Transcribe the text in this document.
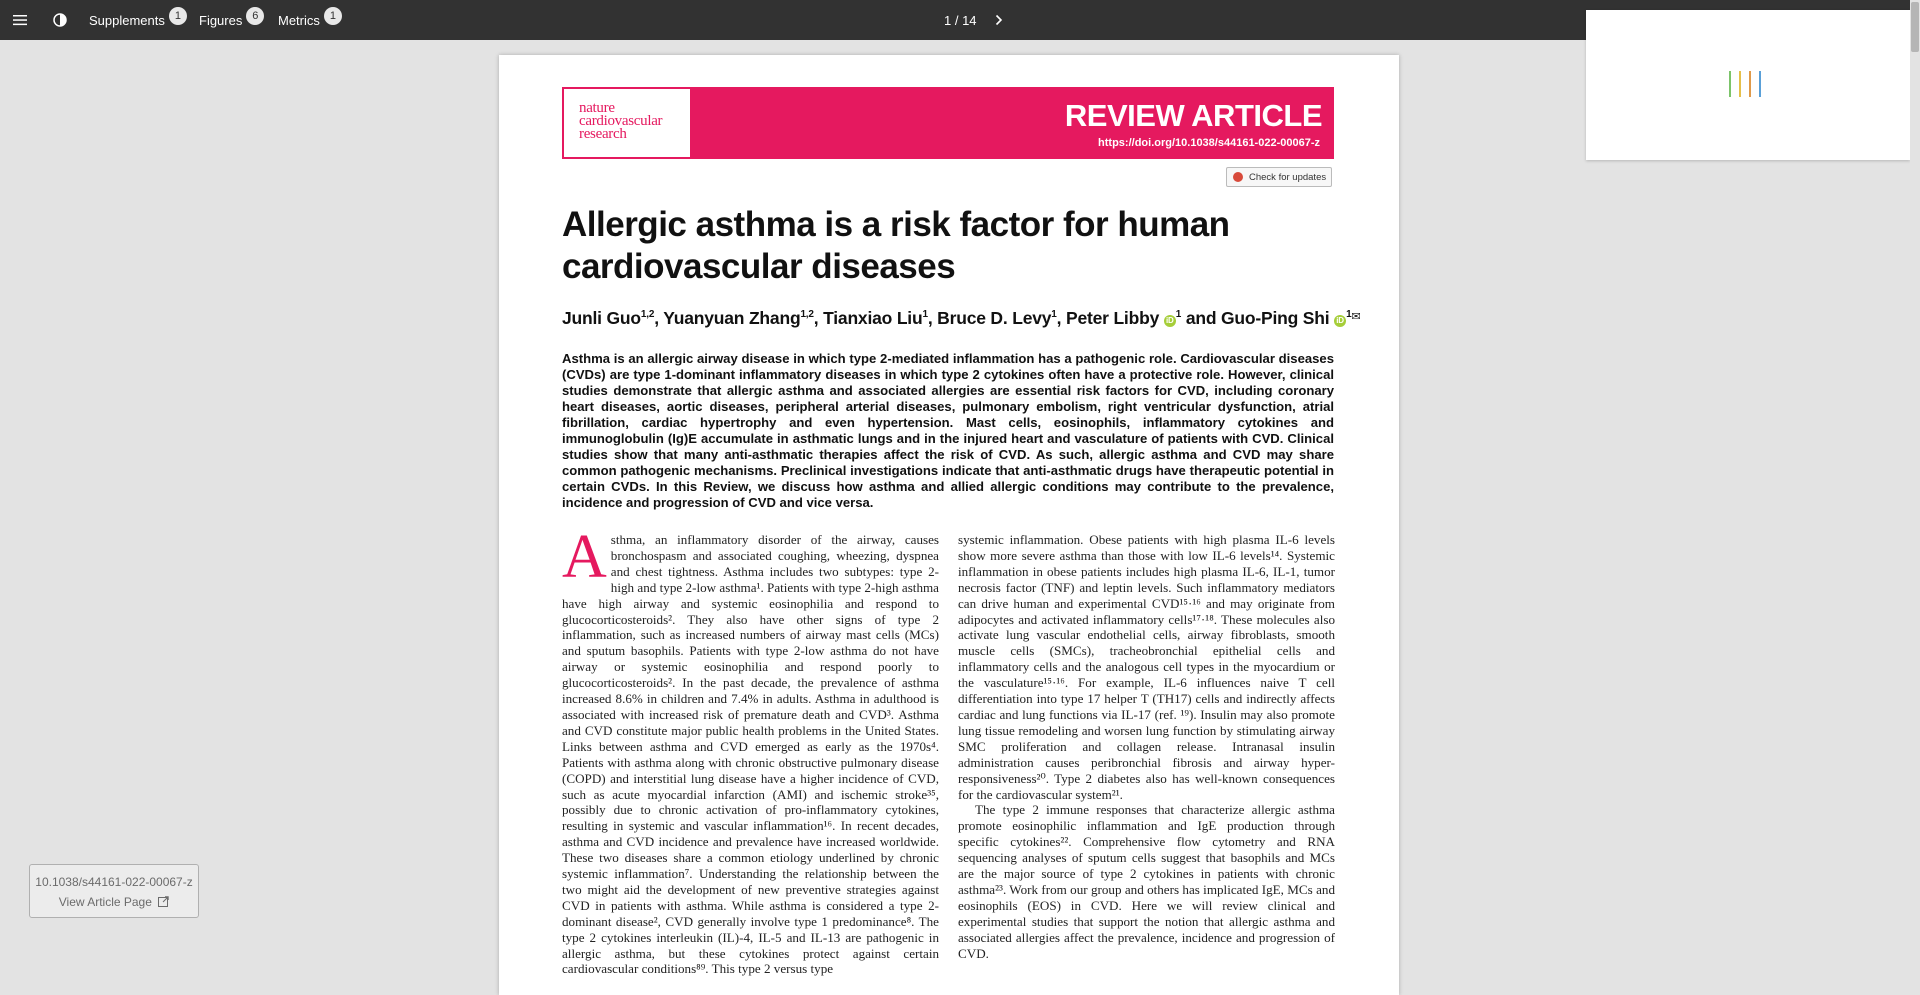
Supplements 1	Figures 6	Metrics 1	1 / 14
nature
cardiovascular
research
REVIEW ARTICLE
https://doi.org/10.1038/s44161-022-00067-z
Check for updates
Allergic asthma is a risk factor for human
cardiovascular diseases
Junli Guo$^{1,2}$, Yuanyuan Zhang$^{1,2}$, Tianxiao Liu$^1$, Bruce D. Levy$^1$, Peter Libby $iD^1$ and Guo-Ping Shi $iD^{1✉}$
Asthma is an allergic airway disease in which type 2-mediated inflammation has a pathogenic role. Cardiovascular diseases (CVDs) are type 1-dominant inflammatory diseases in which type 2 cytokines often have a protective role. However, clinical studies demonstrate that allergic asthma and associated allergies are essential risk factors for CVD, including coronary heart diseases, aortic diseases, peripheral arterial diseases, pulmonary embolism, right ventricular dysfunction, atrial fibrillation, cardiac hypertrophy and even hypertension. Mast cells, eosinophils, inflammatory cytokines and immunoglobulin (Ig)E accumulate in asthmatic lungs and in the injured heart and vasculature of patients with CVD. Clinical studies show that many anti-asthmatic therapies affect the risk of CVD. As such, allergic asthma and CVD may share common pathogenic mechanisms. Preclinical investigations indicate that anti-asthmatic drugs have therapeutic potential in certain CVDs. In this Review, we discuss how asthma and allied allergic conditions may contribute to the prevalence, incidence and progression of CVD and vice versa.

Asthma, an inflammatory disorder of the airway, causes bronchospasm and associated coughing, wheezing, dyspnea and chest tightness. Asthma includes two subtypes: type 2-high and type 2-low asthma¹. Patients with type 2-high asthma have high airway and systemic eosinophilia and respond to glucocorticosteroids². They also have other signs of type 2 inflammation, such as increased numbers of airway mast cells (MCs) and sputum basophils. Patients with type 2-low asthma do not have airway or systemic eosinophilia and respond poorly to glucocorticosteroids². In the past decade, the prevalence of asthma increased 8.6% in children and 7.4% in adults. Asthma in adulthood is associated with increased risk of premature death and CVD³. Asthma and CVD constitute major public health problems in the United States. Links between asthma and CVD emerged as early as the 1970s⁴. Patients with asthma along with chronic obstructive pulmonary disease (COPD) and interstitial lung disease have a higher incidence of CVD, such as acute myocardial infarction (AMI) and ischemic stroke³⁵, possibly due to chronic activation of pro-inflammatory cytokines, resulting in systemic and vascular inflammation¹⁶. In recent decades, asthma and CVD incidence and prevalence have increased worldwide. These two diseases share a common etiology underlined by chronic systemic inflammation⁷. Understanding the relationship between the two might aid the development of new preventive strategies against CVD in patients with asthma. While asthma is considered a type 2-dominant disease², CVD generally involve type 1 predominance⁸. The type 2 cytokines interleukin (IL)-4, IL-5 and IL-13 are pathogenic in allergic asthma, but these cytokines protect against certain cardiovascular conditions⁸⁹. This type 2 versus type

systemic inflammation. Obese patients with high plasma IL-6 levels show more severe asthma than those with low IL-6 levels¹⁴. Systemic inflammation in obese patients includes high plasma IL-6, IL-1, tumor necrosis factor (TNF) and leptin levels. Such inflammatory mediators can drive human and experimental CVD¹⁵·¹⁶ and may originate from adipocytes and activated inflammatory cells¹⁷·¹⁸. These molecules also activate lung vascular endothelial cells, airway fibroblasts, smooth muscle cells (SMCs), tracheobronchial epithelial cells and inflammatory cells and the analogous cell types in the myocardium or the vasculature¹⁵·¹⁶. For example, IL-6 influences naive T cell differentiation into type 17 helper T (TH17) cells and indirectly affects cardiac and lung functions via IL-17 (ref. ¹⁹). Insulin may also promote lung tissue remodeling and worsen lung function by stimulating airway SMC proliferation and collagen release. Intranasal insulin administration causes peribronchial fibrosis and airway hyper-responsiveness²⁰. Type 2 diabetes also has well-known consequences for the cardiovascular system²¹.

The type 2 immune responses that characterize allergic asthma promote eosinophilic inflammation and IgE production through specific cytokines²². Comprehensive flow cytometry and RNA sequencing analyses of sputum cells suggest that basophils and MCs are the major source of type 2 cytokines in patients with chronic asthma²³. Work from our group and others has implicated IgE, MCs and eosinophils (EOS) in CVD. Here we will review clinical and experimental studies that support the notion that allergic asthma and associated allergies affect the prevalence, incidence and progression of CVD.

10.1038/s44161-022-00067-z
View Article Page
